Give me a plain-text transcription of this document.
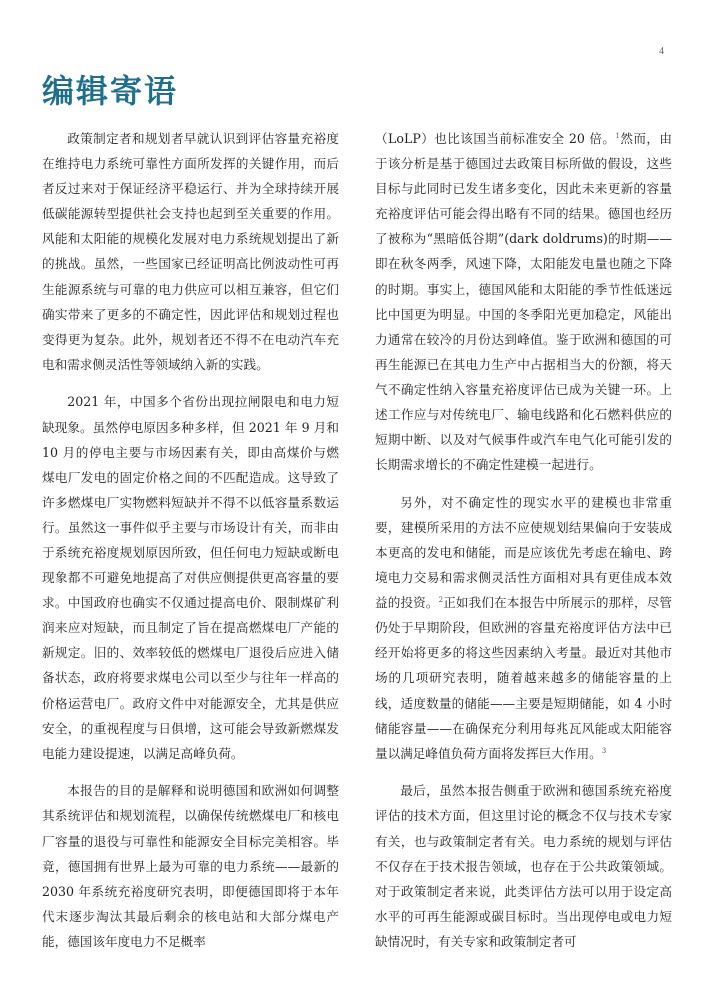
4
编辑寄语

政策制定者和规划者早就认识到评估容量充裕度在维持电力系统可靠性方面所发挥的关键作用，而后者反过来对于保证经济平稳运行、并为全球持续开展低碳能源转型提供社会支持也起到至关重要的作用。风能和太阳能的规模化发展对电力系统规划提出了新的挑战。虽然，一些国家已经证明高比例波动性可再生能源系统与可靠的电力供应可以相互兼容，但它们确实带来了更多的不确定性，因此评估和规划过程也变得更为复杂。此外，规划者还不得不在电动汽车充电和需求侧灵活性等领域纳入新的实践。

2021 年，中国多个省份出现拉闸限电和电力短缺现象。虽然停电原因多种多样，但 2021 年 9 月和 10 月的停电主要与市场因素有关，即由高煤价与燃煤电厂发电的固定价格之间的不匹配造成。这导致了许多燃煤电厂实物燃料短缺并不得不以低容量系数运行。虽然这一事件似乎主要与市场设计有关，而非由于系统充裕度规划原因所致，但任何电力短缺或断电现象都不可避免地提高了对供应侧提供更高容量的要求。中国政府也确实不仅通过提高电价、限制煤矿利润来应对短缺，而且制定了旨在提高燃煤电厂产能的新规定。旧的、效率较低的燃煤电厂退役后应进入储备状态，政府将要求煤电公司以至少与往年一样高的价格运营电厂。政府文件中对能源安全，尤其是供应安全，的重视程度与日俱增，这可能会导致新燃煤发电能力建设提速，以满足高峰负荷。

本报告的目的是解释和说明德国和欧洲如何调整其系统评估和规划流程，以确保传统燃煤电厂和核电厂容量的退役与可靠性和能源安全目标完美相容。毕竟，德国拥有世界上最为可靠的电力系统——最新的 2030 年系统充裕度研究表明，即便德国即将于本年代末逐步淘汰其最后剩余的核电站和大部分煤电产能，德国该年度电力不足概率

（LoLP）也比该国当前标准安全 20 倍。$^1$然而，由于该分析是基于德国过去政策目标所做的假设，这些目标与此同时已发生诸多变化，因此未来更新的容量充裕度评估可能会得出略有不同的结果。德国也经历了被称为“黑暗低谷期”(dark doldrums)的时期——即在秋冬两季，风速下降，太阳能发电量也随之下降的时期。事实上，德国风能和太阳能的季节性低迷远比中国更为明显。中国的冬季阳光更加稳定，风能出力通常在较冷的月份达到峰值。鉴于欧洲和德国的可再生能源已在其电力生产中占据相当大的份额，将天气不确定性纳入容量充裕度评估已成为关键一环。上述工作应与对传统电厂、输电线路和化石燃料供应的短期中断、以及对气候事件或汽车电气化可能引发的长期需求增长的不确定性建模一起进行。

另外，对不确定性的现实水平的建模也非常重要，建模所采用的方法不应使规划结果偏向于安装成本更高的发电和储能，而是应该优先考虑在输电、跨境电力交易和需求侧灵活性方面相对具有更佳成本效益的投资。$^2$正如我们在本报告中所展示的那样，尽管仍处于早期阶段，但欧洲的容量充裕度评估方法中已经开始将更多的将这些因素纳入考量。最近对其他市场的几项研究表明，随着越来越多的储能容量的上线，适度数量的储能——主要是短期储能，如 4 小时储能容量——在确保充分利用每兆瓦风能或太阳能容量以满足峰值负荷方面将发挥巨大作用。$^3$

最后，虽然本报告侧重于欧洲和德国系统充裕度评估的技术方面，但这里讨论的概念不仅与技术专家有关，也与政策制定者有关。电力系统的规划与评估不仅存在于技术报告领域，也存在于公共政策领域。对于政策制定者来说，此类评估方法可以用于设定高水平的可再生能源或碳目标时。当出现停电或电力短缺情况时，有关专家和政策制定者可
